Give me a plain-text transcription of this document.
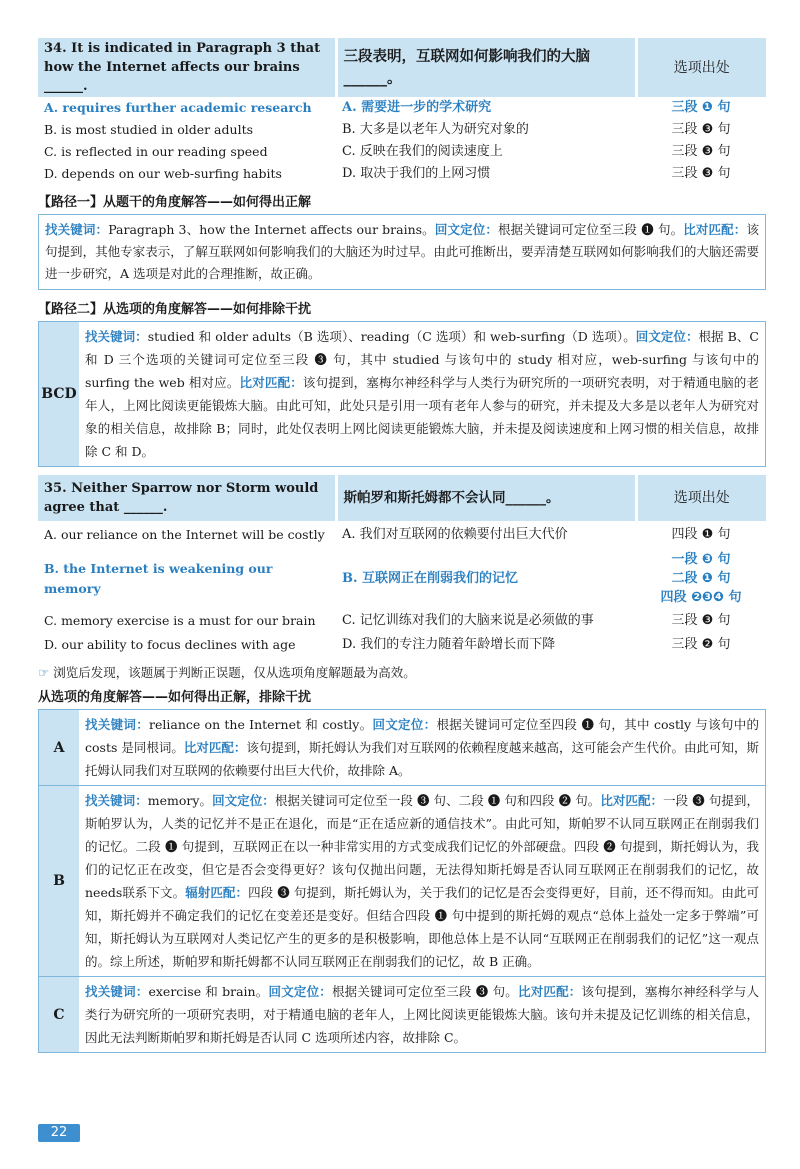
34. It is indicated in Paragraph 3 that how the Internet affects our brains ______.	三段表明，互联网如何影响我们的大脑______。	选项出处
A. requires further academic research	A. 需要进一步的学术研究	三段 ❶ 句
B. is most studied in older adults	B. 大多是以老年人为研究对象的	三段 ❸ 句
C. is reflected in our reading speed	C. 反映在我们的阅读速度上	三段 ❸ 句
D. depends on our web-surfing habits	D. 取决于我们的上网习惯	三段 ❸ 句
【路径一】从题干的角度解答——如何得出正解
找关键词：Paragraph 3、how the Internet affects our brains。回文定位：根据关键词可定位至三段 ❶ 句。比对匹配：该句提到，其他专家表示，了解互联网如何影响我们的大脑还为时过早。由此可推断出，要弄清楚互联网如何影响我们的大脑还需要进一步研究，A 选项是对此的合理推断，故正确。
【路径二】从选项的角度解答——如何排除干扰
BCD
找关键词：studied 和 older adults（B 选项）、reading（C 选项）和 web-surfing（D 选项）。回文定位：根据 B、C 和 D 三个选项的关键词可定位至三段 ❸ 句，其中 studied 与该句中的 study 相对应，web-surfing 与该句中的 surfing the web 相对应。比对匹配：该句提到，塞梅尔神经科学与人类行为研究所的一项研究表明，对于精通电脑的老年人，上网比阅读更能锻炼大脑。由此可知，此处只是引用一项有老年人参与的研究，并未提及大多是以老年人为研究对象的相关信息，故排除 B；同时，此处仅表明上网比阅读更能锻炼大脑，并未提及阅读速度和上网习惯的相关信息，故排除 C 和 D。
35. Neither Sparrow nor Storm would agree that ______.	斯帕罗和斯托姆都不会认同______。	选项出处
A. our reliance on the Internet will be costly	A. 我们对互联网的依赖要付出巨大代价	四段 ❶ 句
B. the Internet is weakening our memory	B. 互联网正在削弱我们的记忆	一段 ❸ 句
二段 ❶ 句
四段 ❷❸❹ 句

C. memory exercise is a must for our brain	C. 记忆训练对我们的大脑来说是必须做的事	三段 ❸ 句
D. our ability to focus declines with age	D. 我们的专注力随着年龄增长而下降	三段 ❷ 句
☞ 浏览后发现，该题属于判断正误题，仅从选项角度解题最为高效。
从选项的角度解答——如何得出正解，排除干扰
A
找关键词：reliance on the Internet 和 costly。回文定位：根据关键词可定位至四段 ❶ 句，其中 costly 与该句中的 costs 是同根词。比对匹配：该句提到，斯托姆认为我们对互联网的依赖程度越来越高，这可能会产生代价。由此可知，斯托姆认同我们对互联网的依赖要付出巨大代价，故排除 A。
B
找关键词：memory。回文定位：根据关键词可定位至一段 ❸ 句、二段 ❶ 句和四段 ❷ 句。比对匹配：一段 ❸ 句提到，斯帕罗认为，人类的记忆并不是正在退化，而是“正在适应新的通信技术”。由此可知，斯帕罗不认同互联网正在削弱我们的记忆。二段 ❶ 句提到，互联网正在以一种非常实用的方式变成我们记忆的外部硬盘。四段 ❷ 句提到，斯托姆认为，我们的记忆正在改变，但它是否会变得更好？该句仅抛出问题，无法得知斯托姆是否认同互联网正在削弱我们的记忆，故needs联系下文。辐射匹配：四段 ❸ 句提到，斯托姆认为，关于我们的记忆是否会变得更好，目前，还不得而知。由此可知，斯托姆并不确定我们的记忆在变差还是变好。但结合四段 ❶ 句中提到的斯托姆的观点“总体上益处一定多于弊端”可知，斯托姆认为互联网对人类记忆产生的更多的是积极影响，即他总体上是不认同“互联网正在削弱我们的记忆”这一观点的。综上所述，斯帕罗和斯托姆都不认同互联网正在削弱我们的记忆，故 B 正确。
C
找关键词：exercise 和 brain。回文定位：根据关键词可定位至三段 ❸ 句。比对匹配：该句提到，塞梅尔神经科学与人类行为研究所的一项研究表明，对于精通电脑的老年人，上网比阅读更能锻炼大脑。该句并未提及记忆训练的相关信息，因此无法判断斯帕罗和斯托姆是否认同 C 选项所述内容，故排除 C。
22
